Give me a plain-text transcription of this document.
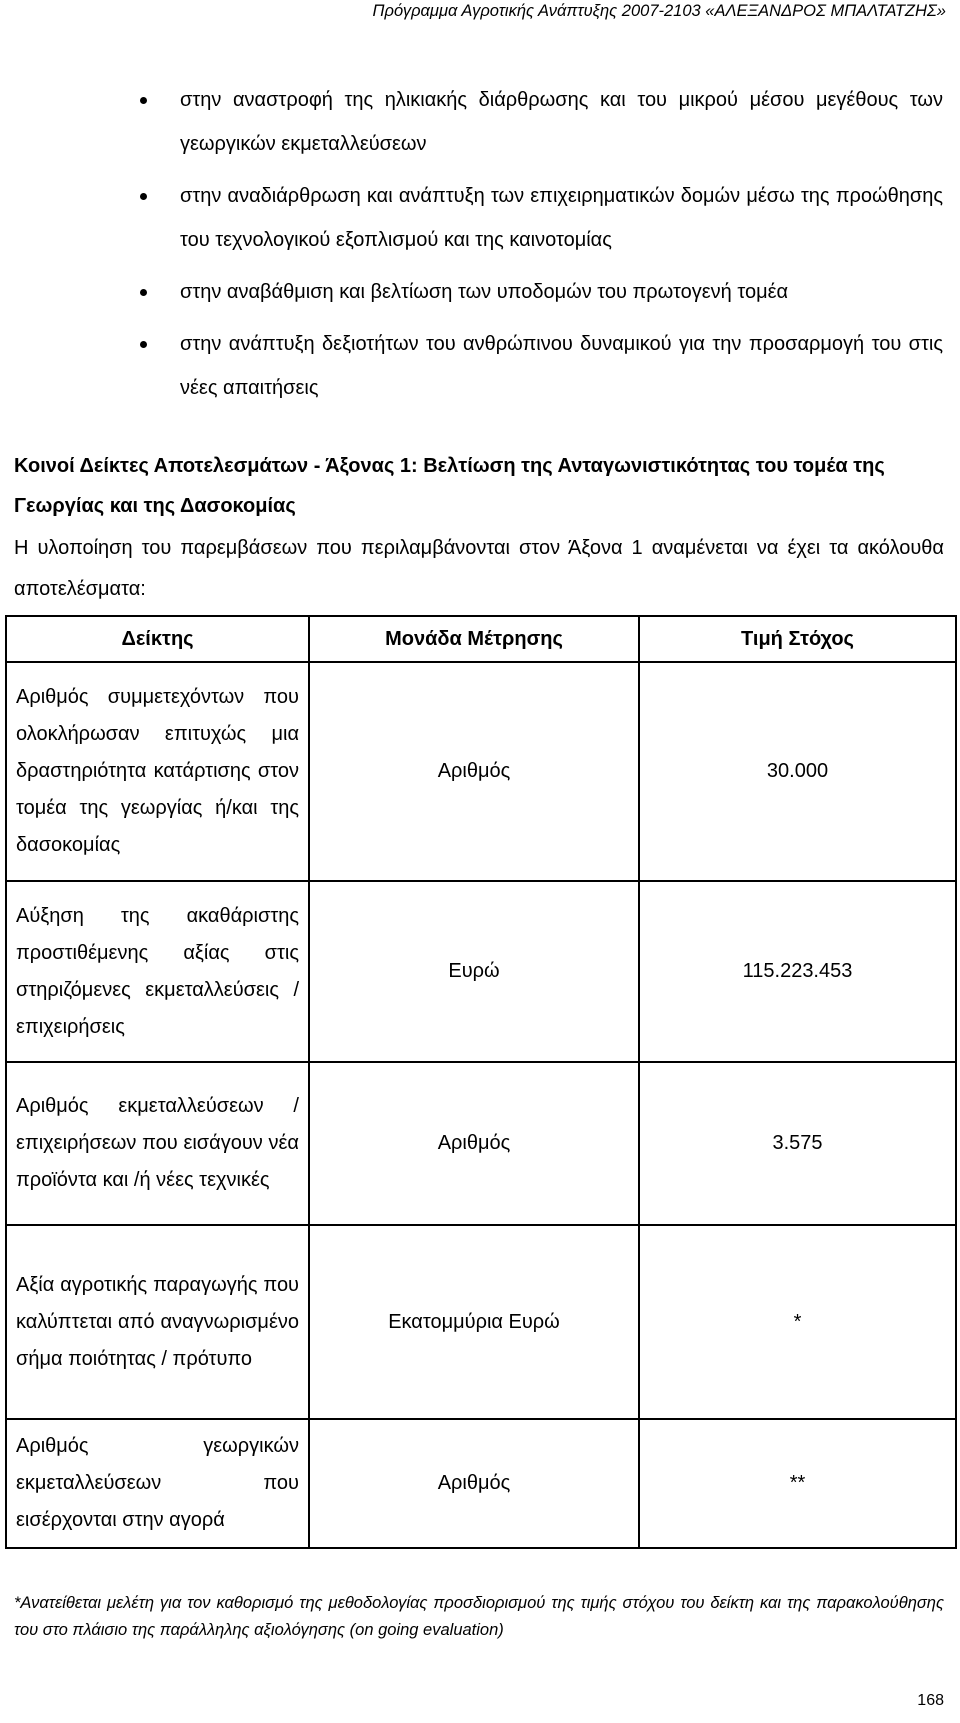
Πρόγραμμα Αγροτικής Ανάπτυξης 2007-2103 «ΑΛΕΞΑΝΔΡΟΣ ΜΠΑΛΤΑΤΖΗΣ»
στην αναστροφή της ηλικιακής διάρθρωσης και του μικρού μέσου μεγέθους των γεωργικών εκμεταλλεύσεων
στην αναδιάρθρωση και ανάπτυξη των επιχειρηματικών δομών μέσω της προώθησης του τεχνολογικού εξοπλισμού και της καινοτομίας
στην αναβάθμιση και βελτίωση των υποδομών του πρωτογενή τομέα
στην ανάπτυξη δεξιοτήτων του ανθρώπινου δυναμικού για την προσαρμογή του στις νέες απαιτήσεις
Κοινοί Δείκτες Αποτελεσμάτων - Άξονας 1: Βελτίωση της Ανταγωνιστικότητας του τομέα της Γεωργίας και της Δασοκομίας
Η υλοποίηση του παρεμβάσεων που περιλαμβάνονται στον Άξονα 1 αναμένεται να έχει τα ακόλουθα αποτελέσματα:
Δείκτης	Μονάδα Μέτρησης	Τιμή Στόχος
Αριθμός συμμετεχόντων που ολοκλήρωσαν επιτυχώς μια δραστηριότητα κατάρτισης στον τομέα της γεωργίας ή/και της δασοκομίας	Αριθμός	30.000
Αύξηση της ακαθάριστης προστιθέμενης αξίας στις στηριζόμενες εκμεταλλεύσεις / επιχειρήσεις	Ευρώ	115.223.453
Αριθμός εκμεταλλεύσεων / επιχειρήσεων που εισάγουν νέα προϊόντα και /ή νέες τεχνικές	Αριθμός	3.575
Αξία αγροτικής παραγωγής που καλύπτεται από αναγνωρισμένο σήμα ποιότητας / πρότυπο	Εκατομμύρια Ευρώ	*
Αριθμός γεωργικών εκμεταλλεύσεων που εισέρχονται στην αγορά	Αριθμός	**
*Ανατείθεται μελέτη για τον καθορισμό της μεθοδολογίας προσδιορισμού της τιμής στόχου του δείκτη και της παρακολούθησης του στο πλάισιο της παράλληλης αξιολόγησης (on going evaluation)
168
